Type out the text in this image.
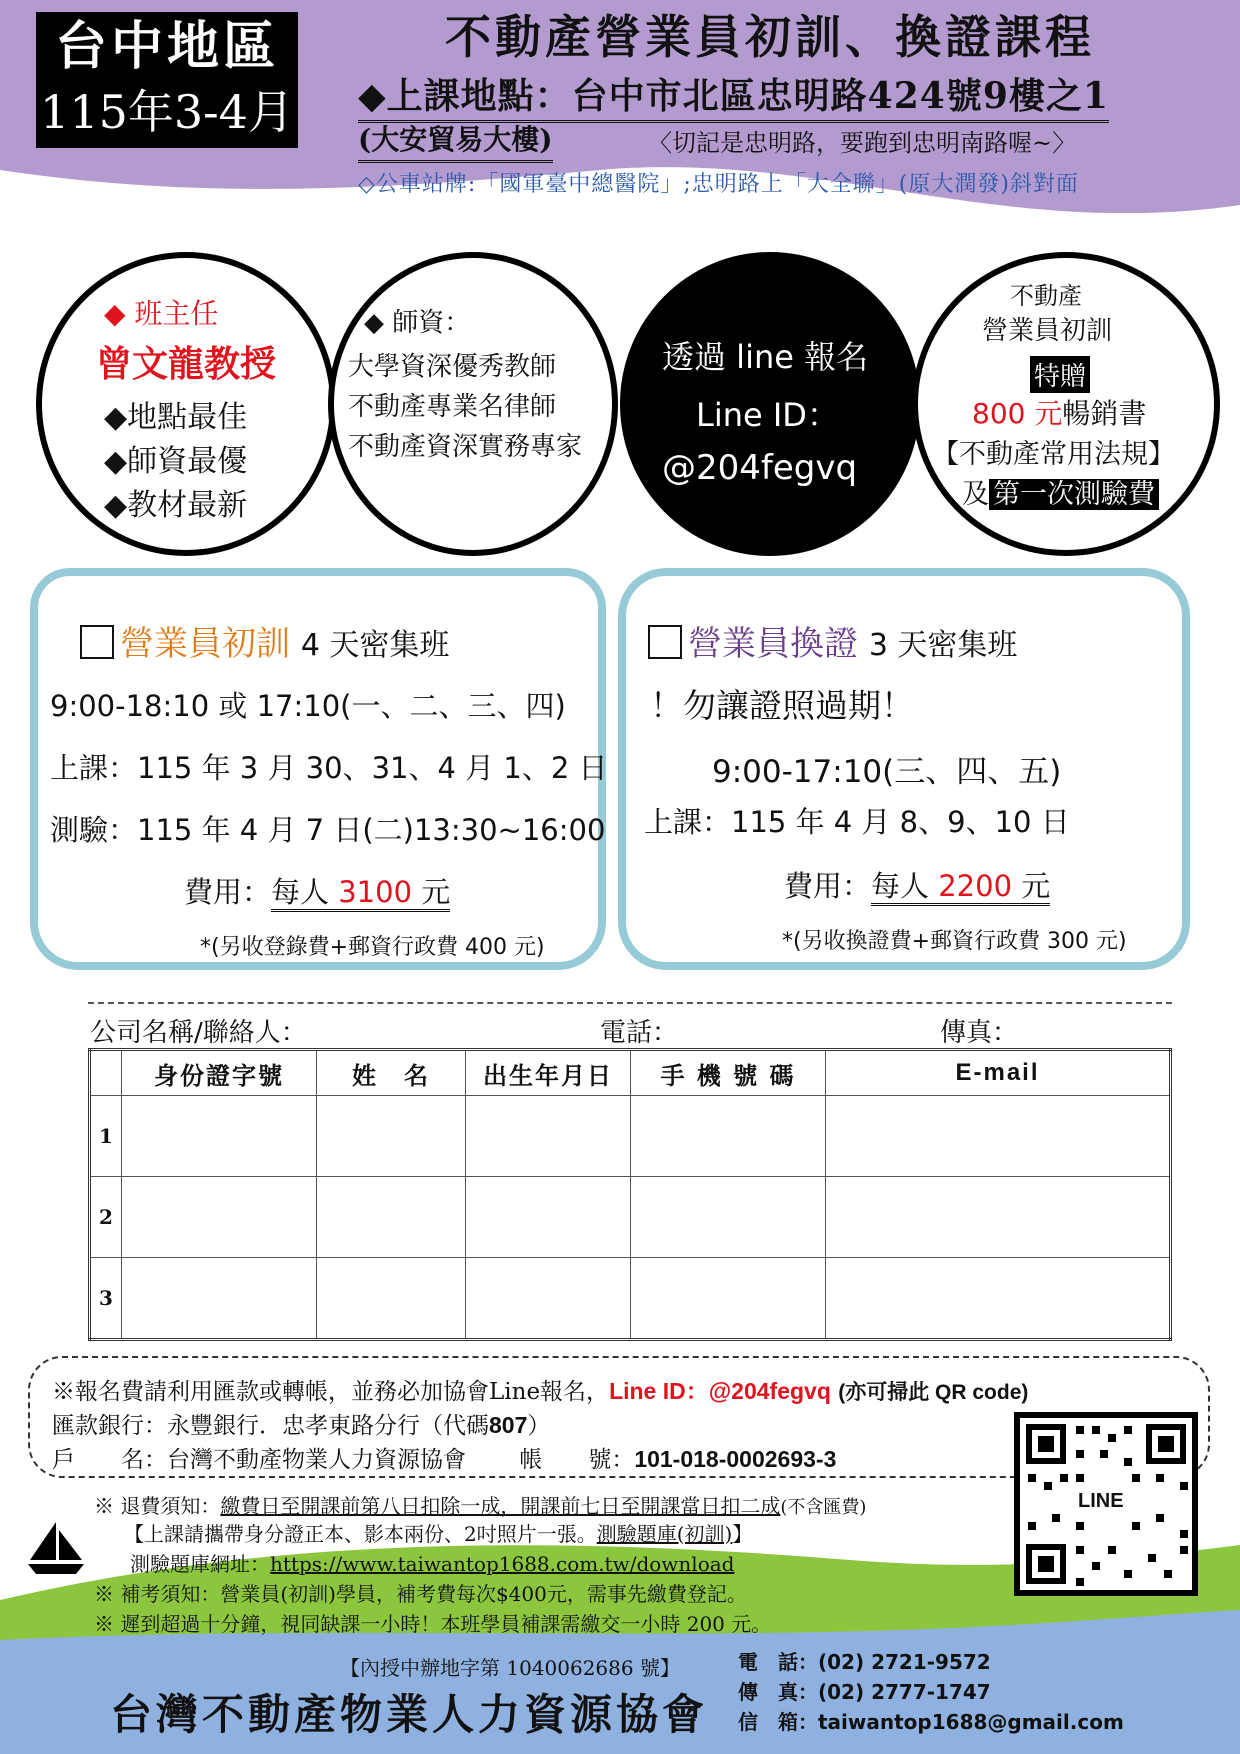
台中地區
115年3-4月
不動產營業員初訓、換證課程
◆上課地點：台中市北區忠明路424號9樓之1
(大安貿易大樓)	〈切記是忠明路，要跑到忠明南路喔~〉
◇公車站牌:「國軍臺中總醫院」;忠明路上「大全聯」(原大潤發)斜對面
◆ 班主任
曾文龍教授
◆地點最佳
◆師資最優
◆教材最新
◆ 師資：
大學資深優秀教師
不動產專業名律師
不動產資深實務專家
透過 line 報名
Line ID：
@204fegvq
不動產
營業員初訓
特贈
800 元暢銷書
【不動產常用法規】
及 第一次測驗費
營業員初訓 4 天密集班
9:00-18:10 或 17:10(一、二、三、四)
上課：115 年 3 月 30、31、4 月 1、2 日
測驗：115 年 4 月 7 日(二)13:30~16:00
費用：每人 3100 元
*(另收登錄費+郵資行政費 400 元)
營業員換證 3 天密集班
！勿讓證照過期！
9:00-17:10(三、四、五)
上課：115 年 4 月 8、9、10 日
費用：每人 2200 元
*(另收換證費+郵資行政費 300 元)
公司名稱/聯絡人：	電話：	傳真：
	身份證字號	姓　名	出生年月日	手 機 號 碼	E-mail
1					
2					
3					
※報名費請利用匯款或轉帳，並務必加協會Line報名，Line ID：@204fegvq (亦可掃此 QR code)
匯款銀行：永豐銀行．忠孝東路分行（代碼807）
戶　　名：台灣不動產物業人力資源協會 帳　　號：101-018-0002693-3
LINE
※ 退費須知：繳費日至開課前第八日扣除一成，開課前七日至開課當日扣二成(不含匯費)
【上課請攜帶身分證正本、影本兩份、2吋照片一張。測驗題庫(初訓)】
測驗題庫網址：https://www.taiwantop1688.com.tw/download
※ 補考須知：營業員(初訓)學員，補考費每次$400元，需事先繳費登記。
※ 遲到超過十分鐘，視同缺課一小時！本班學員補課需繳交一小時 200 元。
【內授中辦地字第 1040062686 號】
台灣不動產物業人力資源協會
電　話：(02) 2721-9572
傳　真：(02) 2777-1747
信　箱：taiwantop1688@gmail.com
